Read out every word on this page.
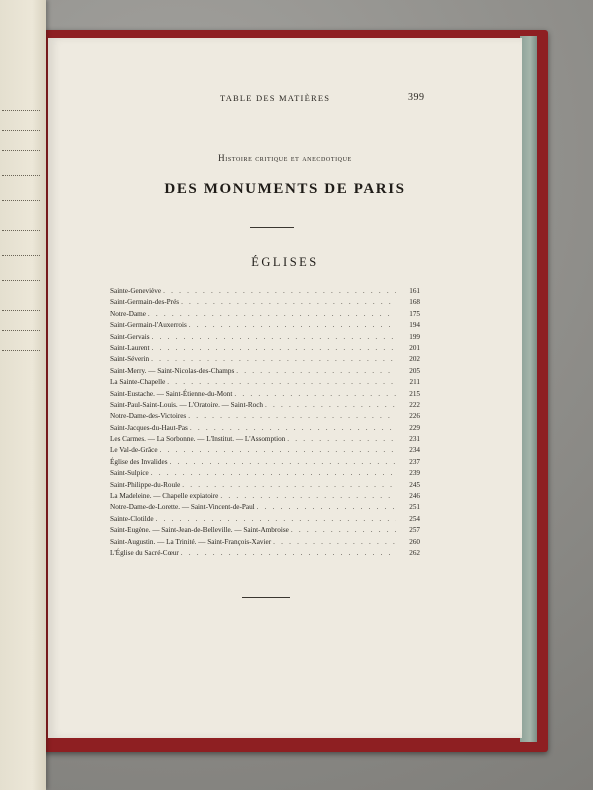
TABLE DES MATIÈRES	399
Histoire critique et anecdotique
DES MONUMENTS DE PARIS
ÉGLISES
Sainte-Geneviève . . .	161
Saint-Germain-des-Prés . . .	168
Notre-Dame . . .	175
Saint-Germain-l'Auxerrois . . .	194
Saint-Gervais . . .	199
Saint-Laurent . . .	201
Saint-Séverin . . .	202
Saint-Merry. — Saint-Nicolas-des-Champs . . .	205
La Sainte-Chapelle . . .	211
Saint-Eustache. — Saint-Étienne-du-Mont . . .	215
Saint-Paul-Saint-Louis. — L'Oratoire. — Saint-Roch . . .	222
Notre-Dame-des-Victoires . . .	226
Saint-Jacques-du-Haut-Pas . . .	229
Les Carmes. — La Sorbonne. — L'Institut. — L'Assomption . . .	231
Le Val-de-Grâce . . .	234
Église des Invalides . . .	237
Saint-Sulpice . . .	239
Saint-Philippe-du-Roule . . .	245
La Madeleine. — Chapelle expiatoire . . .	246
Notre-Dame-de-Lorette. — Saint-Vincent-de-Paul . . .	251
Sainte-Clotilde . . .	254
Saint-Eugène. — Saint-Jean-de-Belleville. — Saint-Ambroise . . .	257
Saint-Augustin. — La Trinité. — Saint-François-Xavier . . .	260
L'Église du Sacré-Cœur . . .	262
